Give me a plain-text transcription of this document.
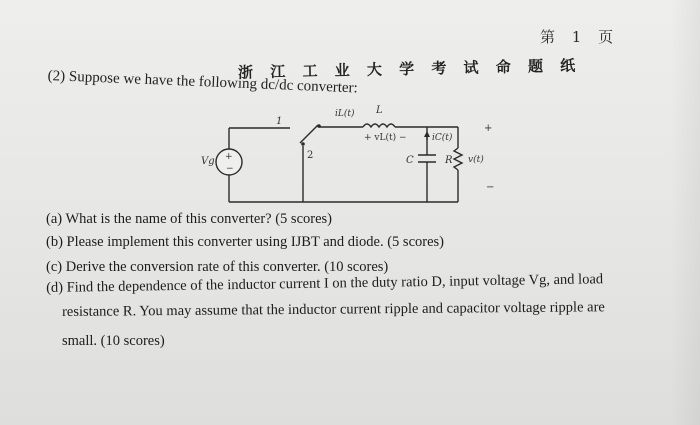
第 1 页
浙 江 工 业 大 学 考 试 命 题 纸
(2) Suppose we have the following dc/dc converter:
+
−
1
2
iL(t) L
+ vL(t) −	iC(t)
Vg	C	R v(t)
+
−
(a) What is the name of this converter? (5 scores)
(b) Please implement this converter using IJBT and diode. (5 scores)
(c) Derive the conversion rate of this converter. (10 scores)
(d) Find the dependence of the inductor current I on the duty ratio D, input voltage Vg, and load
resistance R. You may assume that the inductor current ripple and capacitor voltage ripple are
small. (10 scores)
